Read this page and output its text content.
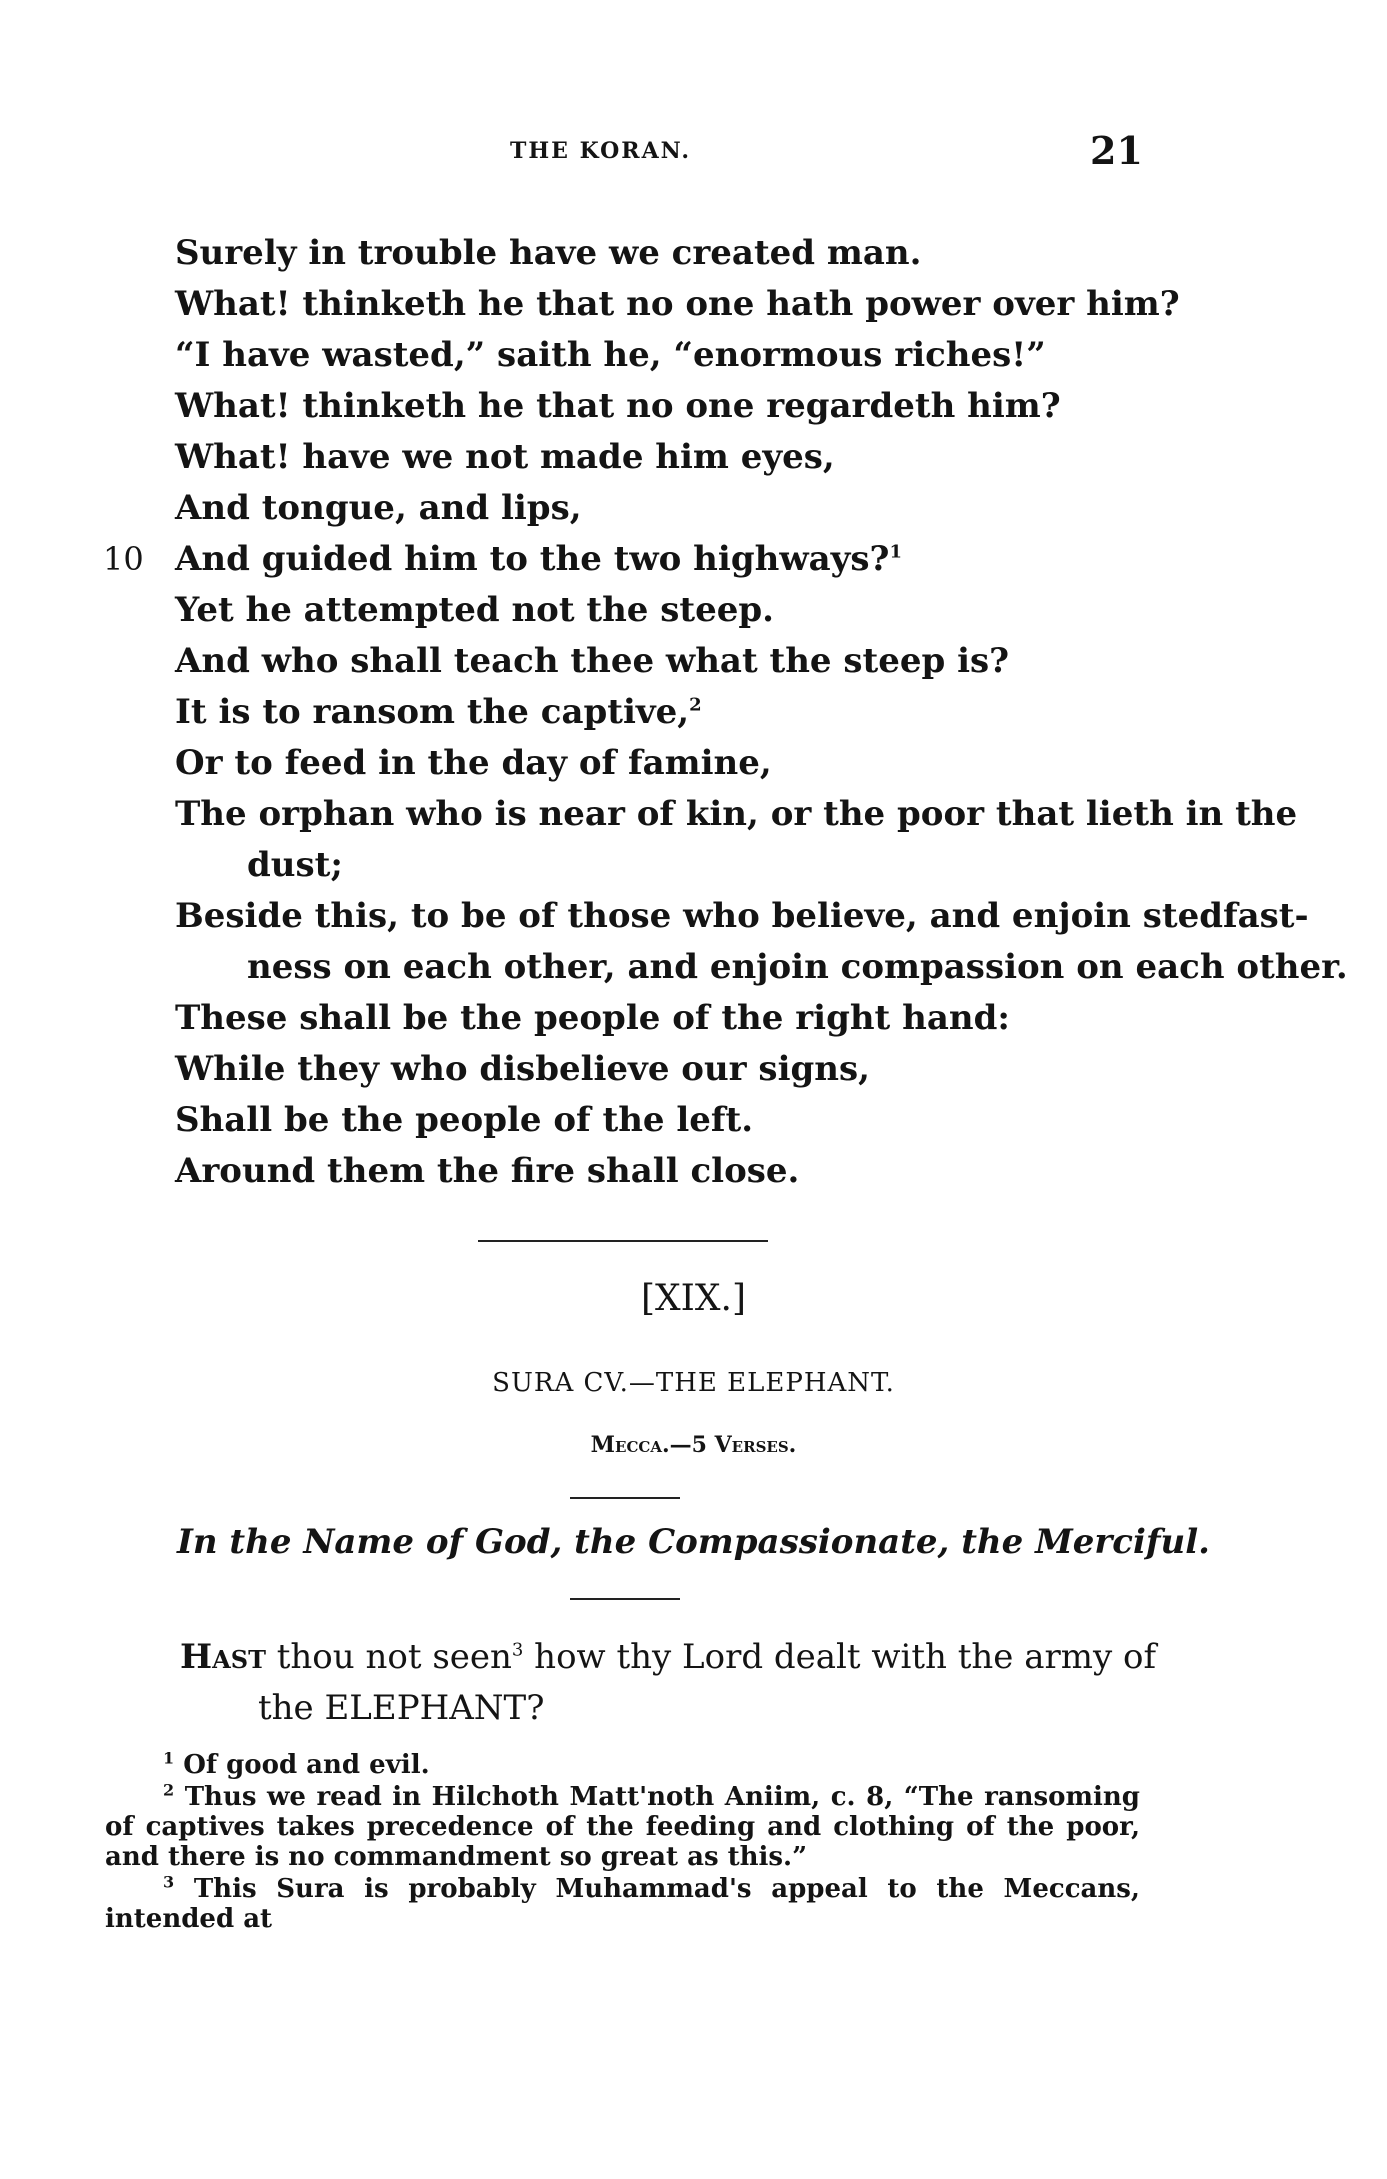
THE KORAN.	21
Surely in trouble have we created man.
What! thinketh he that no one hath power over him?
“I have wasted,” saith he, “enormous riches!”
What! thinketh he that no one regardeth him?
What! have we not made him eyes,
And tongue, and lips,
10 And guided him to the two highways?$^1$
Yet he attempted not the steep.
And who shall teach thee what the steep is?
It is to ransom the captive,$^2$
Or to feed in the day of famine,
The orphan who is near of kin, or the poor that lieth in the
dust;
Beside this, to be of those who believe, and enjoin stedfast-
ness on each other, and enjoin compassion on each other.
These shall be the people of the right hand:
While they who disbelieve our signs,
Shall be the people of the left.
Around them the fire shall close.
[XIX.]
SURA CV.—THE ELEPHANT.
Mecca.—5 Verses.
In the Name of God, the Compassionate, the Merciful.
Hast thou not seen$^3$ how thy Lord dealt with the army of
the ELEPHANT?
$^1$ Of good and evil.
$^2$ Thus we read in Hilchoth Matt'noth Aniim, c. 8, “The ransoming of captives takes precedence of the feeding and clothing of the poor, and there is no commandment so great as this.”
$^3$ This Sura is probably Muhammad's appeal to the Meccans, intended at
